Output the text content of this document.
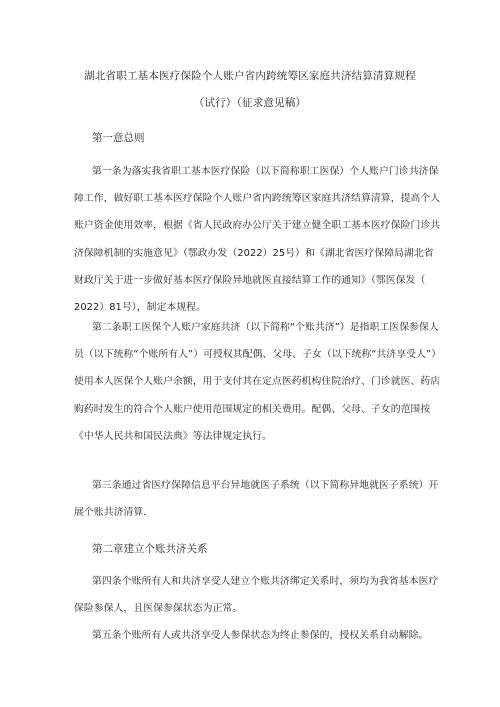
湖北省职工基本医疗保险个人账户省内跨统筹区家庭共济结算清算规程
（试行）（征求意见稿）
第一意总则
第一条为落实我省职工基本医疗保险（以下简称职工医保）个人账户门诊共济保
障工作，做好职工基本医疗保险个人账户省内跨统筹区家庭共济结算清算，提高个人
账户资金使用效率，根据《省人民政府办公厅关于建立健全职工基本医疗保险门诊共
济保障机制的实施意见》（鄂政办发（2022）25号）和《湖北省医疗保障局湖北省
财政厅关于进一步做好基本医疗保险异地就医直接结算工作的通知》（鄂医保发（
2022）81号），制定本规程。
第二条职工医保个人账户家庭共济（以下简称“个账共济”）是指职工医保参保人
员（以下统称“个账所有人”）可授权其配偶、父母、子女（以下统称“共济享受人”）
使用本人医保个人账户余额，用于支付其在定点医药机构住院治疗、门诊就医、药店
购药时发生的符合个人账户使用范围规定的相关费用。配偶、父母、子女的范围按
《中华人民共和国民法典》等法律规定执行。
第三条通过省医疗保障信息平台异地就医子系统（以下简称异地就医子系统）开
展个账共济清算.
第二章建立个账共济关系
第四条个账所有人和共济享受人建立个账共济绑定关系时，须均为我省基本医疗
保险参保人，且医保参保状态为正常。
第五条个账所有人或共济享受人参保状态为终止参保的，授权关系自动解除。
